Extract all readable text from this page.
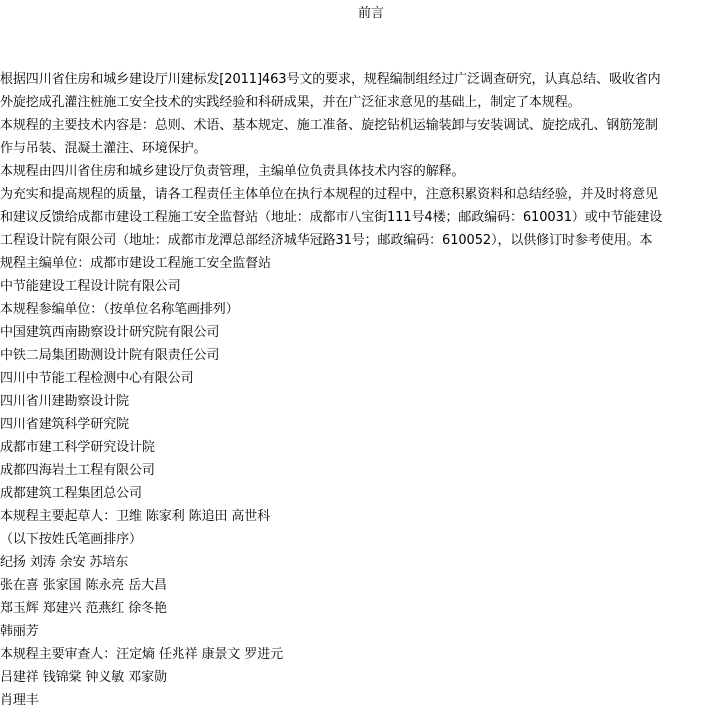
前言
根据四川省住房和城乡建设厅川建标发[2011]463号文的要求，规程编制组经过广泛调查研究，认真总结、吸收省内
外旋挖成孔灌注桩施工安全技术的实践经验和科研成果，并在广泛征求意见的基础上，制定了本规程。
本规程的主要技术内容是：总则、术语、基本规定、施工准备、旋挖钻机运输装卸与安装调试、旋挖成孔、钢筋笼制
作与吊装、混凝土灌注、环境保护。
本规程由四川省住房和城乡建设厅负责管理，主编单位负责具体技术内容的解释。
为充实和提高规程的质量，请各工程责任主体单位在执行本规程的过程中，注意积累资料和总结经验，并及时将意见
和建议反馈给成都市建设工程施工安全监督站（地址：成都市八宝街111号4楼；邮政编码：610031）或中节能建设
工程设计院有限公司（地址：成都市龙潭总部经济城华冠路31号；邮政编码：610052），以供修订时参考使用。本
规程主编单位：成都市建设工程施工安全监督站
中节能建设工程设计院有限公司
本规程参编单位：（按单位名称笔画排列）
中国建筑西南勘察设计研究院有限公司
中铁二局集团勘测设计院有限责任公司
四川中节能工程检测中心有限公司
四川省川建勘察设计院
四川省建筑科学研究院
成都市建工科学研究设计院
成都四海岩土工程有限公司
成都建筑工程集团总公司
本规程主要起草人：卫维 陈家利 陈追田 高世科
（以下按姓氏笔画排序）
纪扬 刘涛 余安 苏培东
张在喜 张家国 陈永亮 岳大昌
郑玉辉 郑建兴 范燕红 徐冬艳
韩丽芳
本规程主要审查人：汪定熵 任兆祥 康景文 罗进元
吕建祥 钱锦棠 钟义敏 邓家勋
肖理丰
